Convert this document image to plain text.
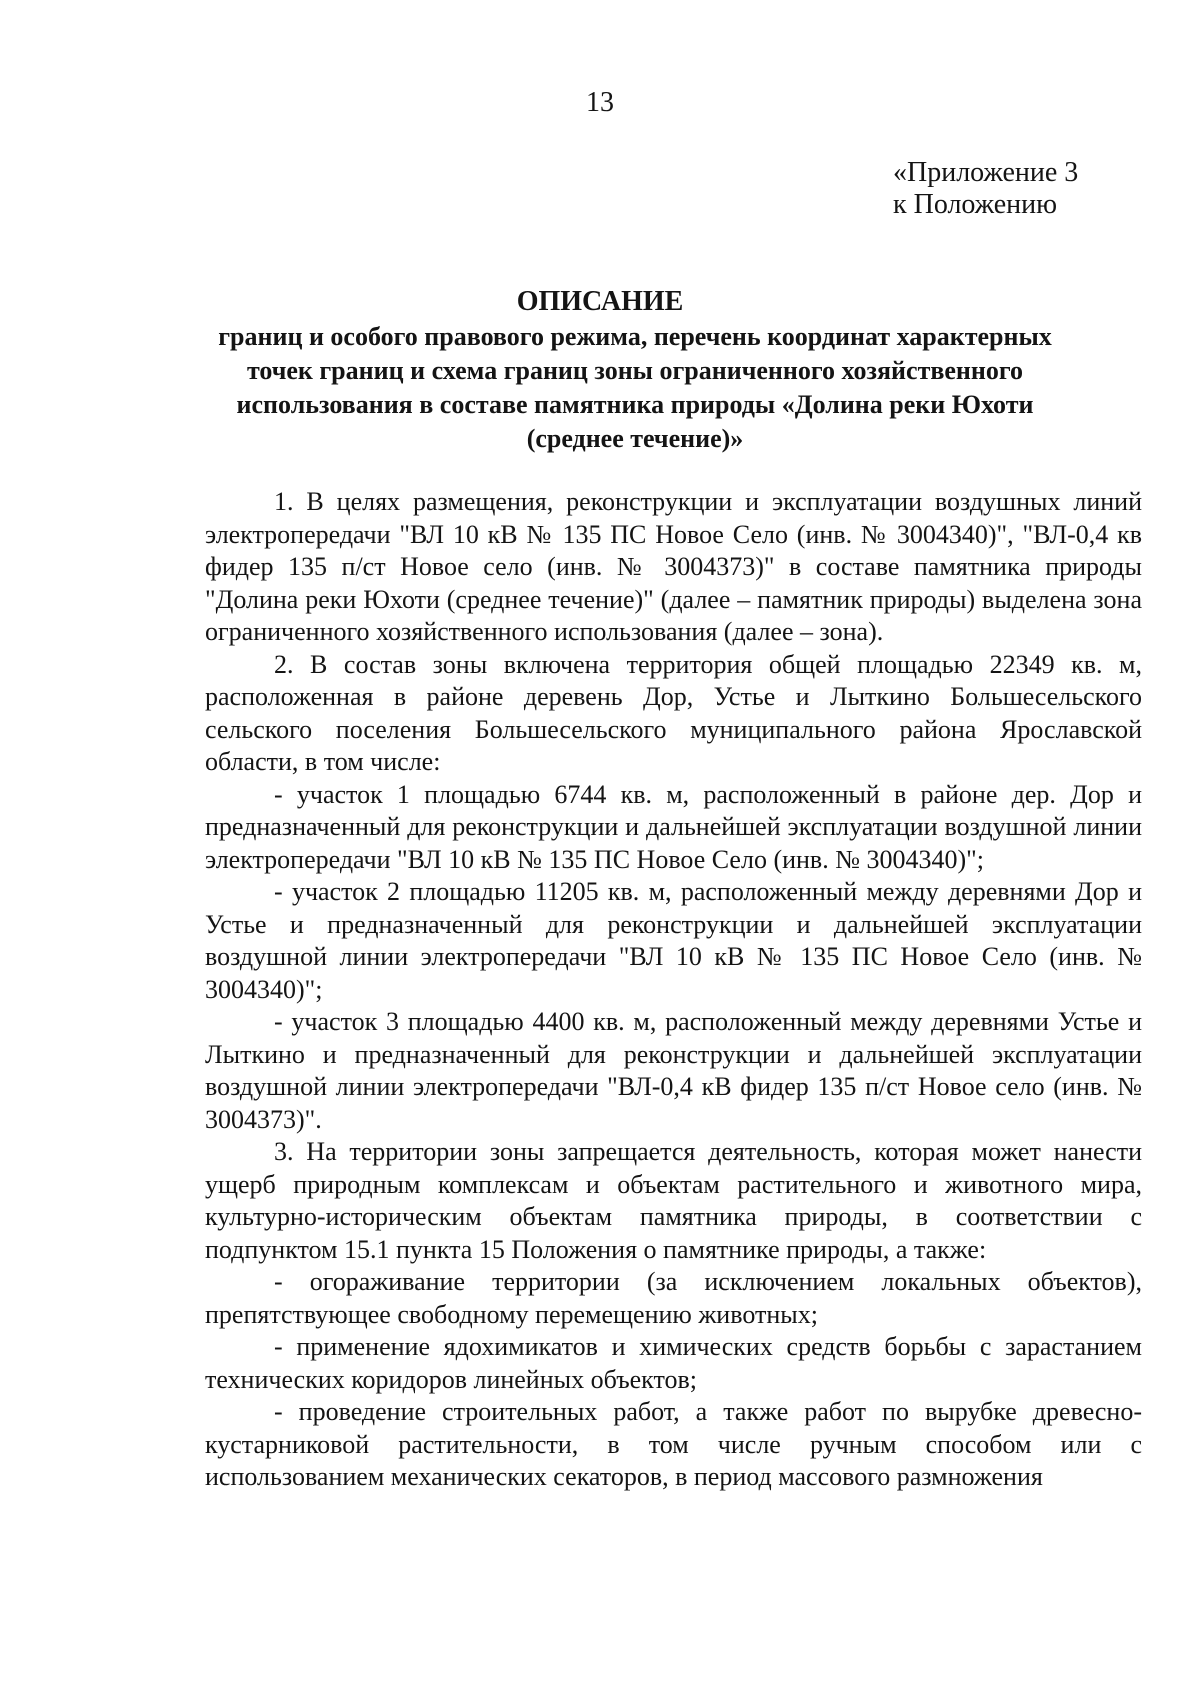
13
«Приложение 3
к Положению
ОПИСАНИЕ
границ и особого правового режима, перечень координат характерных точек границ и схема границ зоны ограниченного хозяйственного использования в составе памятника природы «Долина реки Юхоти (среднее течение)»

1. В целях размещения, реконструкции и эксплуатации воздушных линий электропередачи "ВЛ 10 кВ № 135 ПС Новое Село (инв. № 3004340)", "ВЛ-0,4 кв фидер 135 п/ст Новое село (инв. № 3004373)" в составе памятника природы "Долина реки Юхоти (среднее течение)" (далее – памятник природы) выделена зона ограниченного хозяйственного использования (далее – зона).

2. В состав зоны включена территория общей площадью 22349 кв. м, расположенная в районе деревень Дор, Устье и Лыткино Большесельского сельского поселения Большесельского муниципального района Ярославской области, в том числе:

- участок 1 площадью 6744 кв. м, расположенный в районе дер. Дор и предназначенный для реконструкции и дальнейшей эксплуатации воздушной линии электропередачи "ВЛ 10 кВ № 135 ПС Новое Село (инв. № 3004340)";

- участок 2 площадью 11205 кв. м, расположенный между деревнями Дор и Устье и предназначенный для реконструкции и дальнейшей эксплуатации воздушной линии электропередачи "ВЛ 10 кВ № 135 ПС Новое Село (инв. № 3004340)";

- участок 3 площадью 4400 кв. м, расположенный между деревнями Устье и Лыткино и предназначенный для реконструкции и дальнейшей эксплуатации воздушной линии электропередачи "ВЛ-0,4 кВ фидер 135 п/ст Новое село (инв. № 3004373)".

3. На территории зоны запрещается деятельность, которая может нанести ущерб природным комплексам и объектам растительного и животного мира, культурно-историческим объектам памятника природы, в соответствии с подпунктом 15.1 пункта 15 Положения о памятнике природы, а также:

- огораживание территории (за исключением локальных объектов), препятствующее свободному перемещению животных;

- применение ядохимикатов и химических средств борьбы с зарастанием технических коридоров линейных объектов;

- проведение строительных работ, а также работ по вырубке древесно-кустарниковой растительности, в том числе ручным способом или с использованием механических секаторов, в период массового размножения
